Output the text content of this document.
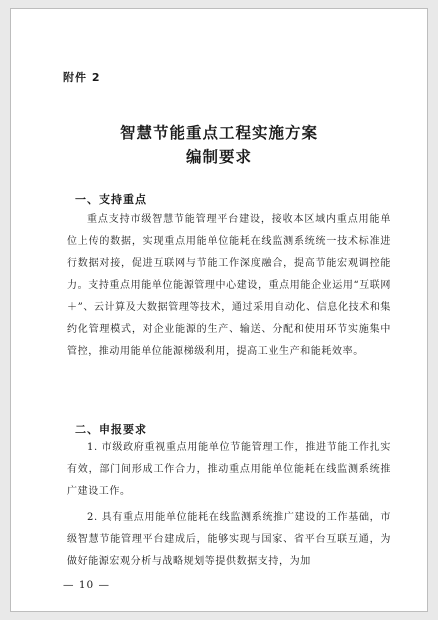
附件 2
智慧节能重点工程实施方案
编制要求
一、支持重点

重点支持市级智慧节能管理平台建设，接收本区域内重点用能单位上传的数据，实现重点用能单位能耗在线监测系统统一技术标准进行数据对接，促进互联网与节能工作深度融合，提高节能宏观调控能力。支持重点用能单位能源管理中心建设，重点用能企业运用“互联网＋”、云计算及大数据管理等技术，通过采用自动化、信息化技术和集约化管理模式，对企业能源的生产、输送、分配和使用环节实施集中管控，推动用能单位能源梯级利用，提高工业生产和能耗效率。

二、申报要求

1. 市级政府重视重点用能单位节能管理工作，推进节能工作扎实有效，部门间形成工作合力，推动重点用能单位能耗在线监测系统推广建设工作。

2. 具有重点用能单位能耗在线监测系统推广建设的工作基础，市级智慧节能管理平台建成后，能够实现与国家、省平台互联互通，为做好能源宏观分析与战略规划等提供数据支持，为加

— 10 —
